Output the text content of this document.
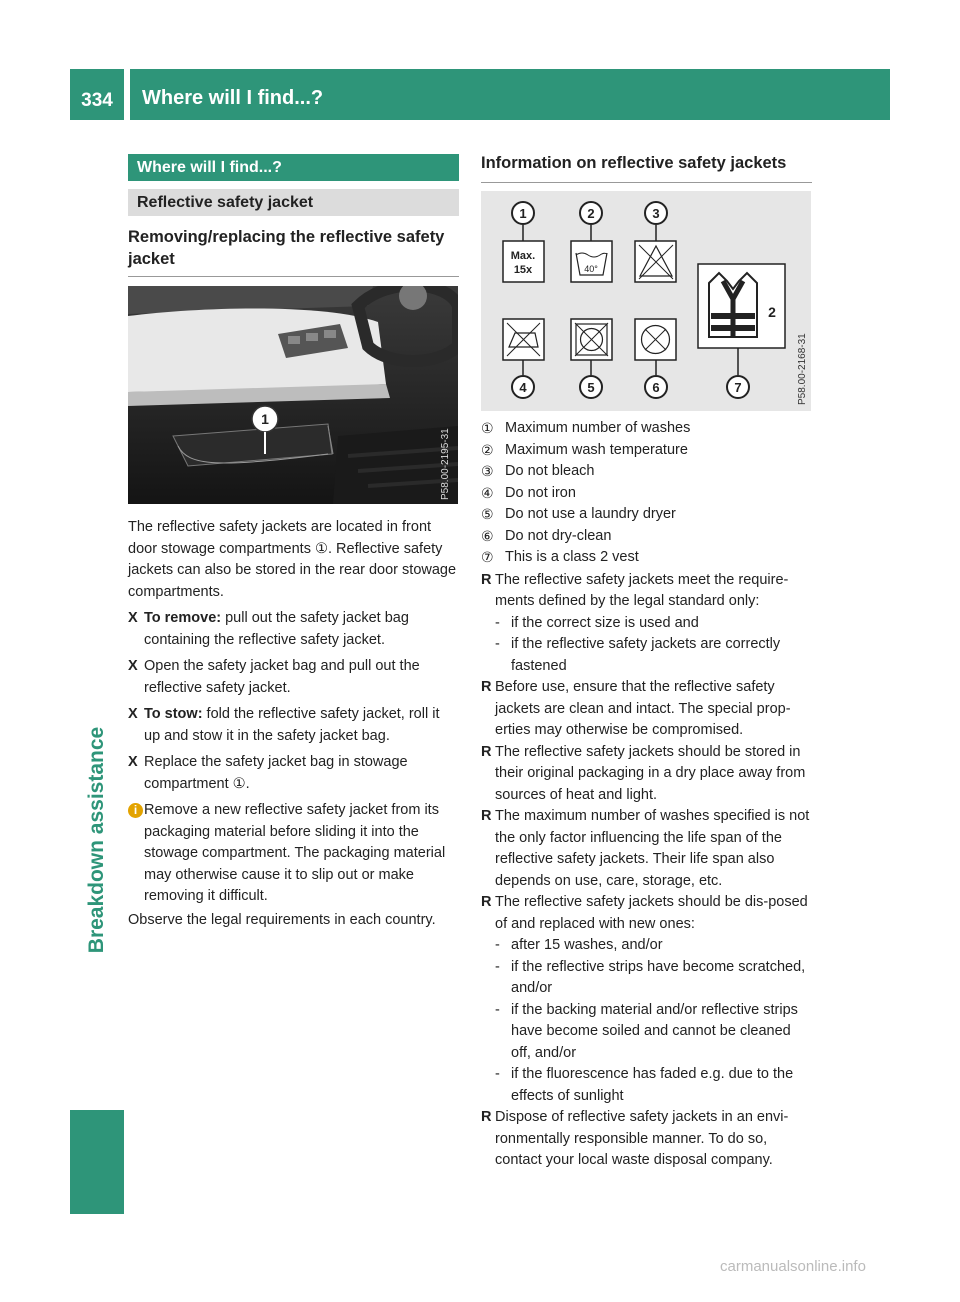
334	Where will I find...?
Breakdown assistance
Where will I find...?
Reflective safety jacket
Removing/replacing the reflective safety jacket
1
P58.00-2195-31

The reflective safety jackets are located in front door stowage compartments ①. Reflective safety jackets can also be stored in the rear door stowage compartments.

X To remove: pull out the safety jacket bag containing the reflective safety jacket.

X Open the safety jacket bag and pull out the reflective safety jacket.

X To stow: fold the reflective safety jacket, roll it up and stow it in the safety jacket bag.

X Replace the safety jacket bag in stowage compartment ①.

i Remove a new reflective safety jacket from its packaging material before sliding it into the stowage compartment. The packaging material may otherwise cause it to slip out or make removing it difficult.

Observe the legal requirements in each country.

Information on reflective safety jackets
1	2	3
4	5	6	7
Max.
15x	40°
2
P58.00-2168-31

① Maximum number of washes

② Maximum wash temperature

③ Do not bleach

④ Do not iron

⑤ Do not use a laundry dryer

⑥ Do not dry-clean

⑦ This is a class 2 vest

R The reflective safety jackets meet the require-ments defined by the legal standard only:

- if the correct size is used and

- if the reflective safety jackets are correctly fastened

R Before use, ensure that the reflective safety jackets are clean and intact. The special prop-erties may otherwise be compromised.

R The reflective safety jackets should be stored in their original packaging in a dry place away from sources of heat and light.

R The maximum number of washes specified is not the only factor influencing the life span of the reflective safety jackets. Their life span also depends on use, care, storage, etc.

R The reflective safety jackets should be dis-posed of and replaced with new ones:

- after 15 washes, and/or

- if the reflective strips have become scratched, and/or

- if the backing material and/or reflective strips have become soiled and cannot be cleaned off, and/or

- if the fluorescence has faded e.g. due to the effects of sunlight

R Dispose of reflective safety jackets in an envi-ronmentally responsible manner. To do so, contact your local waste disposal company.

carmanualsonline.info
